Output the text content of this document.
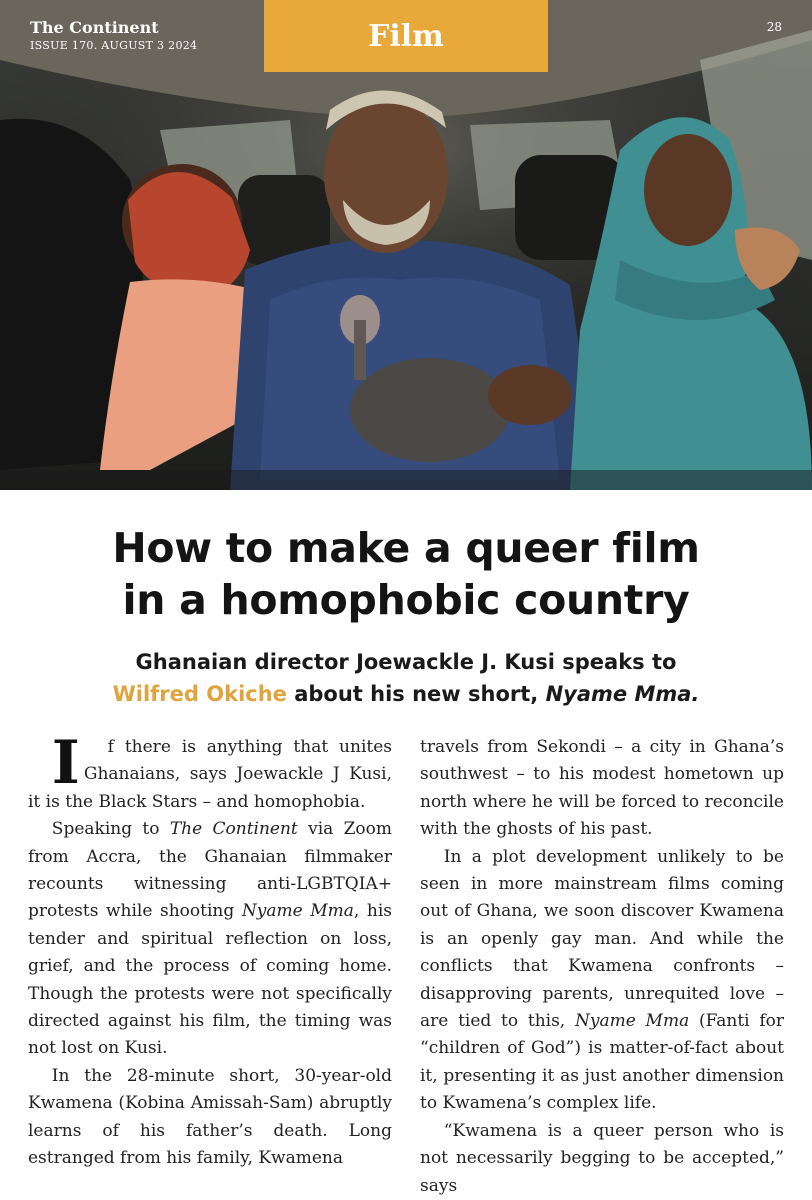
The Continent
ISSUE 170. AUGUST 3 2024	Film	28
How to make a queer film
in a homophobic country
Ghanaian director Joewackle J. Kusi speaks to
Wilfred Okiche about his new short, Nyame Mma.

I f there is anything that unites Ghanaians, says Joewackle J Kusi, it is the Black Stars – and homophobia.

Speaking to The Continent via Zoom from Accra, the Ghanaian filmmaker recounts witnessing anti-LGBTQIA+ protests while shooting Nyame Mma, his tender and spiritual reflection on loss, grief, and the process of coming home. Though the protests were not specifically directed against his film, the timing was not lost on Kusi.

In the 28-minute short, 30-year-old Kwamena (Kobina Amissah-Sam) abruptly learns of his father’s death. Long estranged from his family, Kwamena

travels from Sekondi – a city in Ghana’s southwest – to his modest hometown up north where he will be forced to reconcile with the ghosts of his past.

In a plot development unlikely to be seen in more mainstream films coming out of Ghana, we soon discover Kwamena is an openly gay man. And while the conflicts that Kwamena confronts – disapproving parents, unrequited love – are tied to this, Nyame Mma (Fanti for “children of God”) is matter-of-fact about it, presenting it as just another dimension to Kwamena’s complex life.

“Kwamena is a queer person who is not necessarily begging to be accepted,” says
